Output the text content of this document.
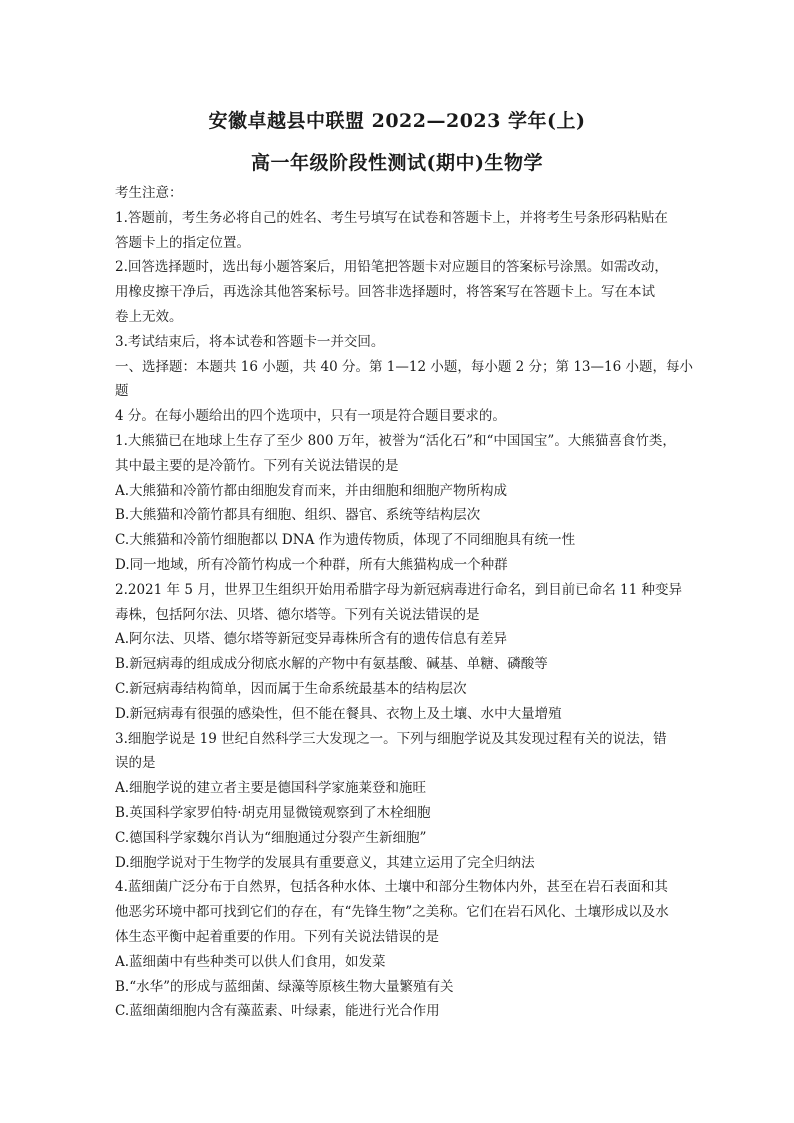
安徽卓越县中联盟 2022—2023 学年(上)
高一年级阶段性测试(期中)生物学
考生注意：
1.答题前，考生务必将自己的姓名、考生号填写在试卷和答题卡上，并将考生号条形码粘贴在
答题卡上的指定位置。
2.回答选择题时，选出每小题答案后，用铅笔把答题卡对应题目的答案标号涂黑。如需改动，
用橡皮擦干净后，再选涂其他答案标号。回答非选择题时，将答案写在答题卡上。写在本试
卷上无效。
3.考试结束后，将本试卷和答题卡一并交回。
一、选择题：本题共 16 小题，共 40 分。第 1—12 小题，每小题 2 分；第 13—16 小题，每小
题
4 分。在每小题给出的四个选项中，只有一项是符合题目要求的。
1.大熊猫已在地球上生存了至少 800 万年，被誉为“活化石”和“中国国宝”。大熊猫喜食竹类，
其中最主要的是冷箭竹。下列有关说法错误的是
A.大熊猫和冷箭竹都由细胞发育而来，并由细胞和细胞产物所构成
B.大熊猫和冷箭竹都具有细胞、组织、器官、系统等结构层次
C.大熊猫和冷箭竹细胞都以 DNA 作为遗传物质，体现了不同细胞具有统一性
D.同一地域，所有冷箭竹构成一个种群，所有大熊猫构成一个种群
2.2021 年 5 月，世界卫生组织开始用希腊字母为新冠病毒进行命名，到目前已命名 11 种变异
毒株，包括阿尔法、贝塔、德尔塔等。下列有关说法错误的是
A.阿尔法、贝塔、德尔塔等新冠变异毒株所含有的遗传信息有差异
B.新冠病毒的组成成分彻底水解的产物中有氨基酸、碱基、单糖、磷酸等
C.新冠病毒结构简单，因而属于生命系统最基本的结构层次
D.新冠病毒有很强的感染性，但不能在餐具、衣物上及土壤、水中大量增殖
3.细胞学说是 19 世纪自然科学三大发现之一。下列与细胞学说及其发现过程有关的说法，错
误的是
A.细胞学说的建立者主要是德国科学家施莱登和施旺
B.英国科学家罗伯特·胡克用显微镜观察到了木栓细胞
C.德国科学家魏尔肖认为“细胞通过分裂产生新细胞”
D.细胞学说对于生物学的发展具有重要意义，其建立运用了完全归纳法
4.蓝细菌广泛分布于自然界，包括各种水体、土壤中和部分生物体内外，甚至在岩石表面和其
他恶劣环境中都可找到它们的存在，有“先锋生物”之美称。它们在岩石风化、土壤形成以及水
体生态平衡中起着重要的作用。下列有关说法错误的是
A.蓝细菌中有些种类可以供人们食用，如发菜
B.“水华”的形成与蓝细菌、绿藻等原核生物大量繁殖有关
C.蓝细菌细胞内含有藻蓝素、叶绿素，能进行光合作用
